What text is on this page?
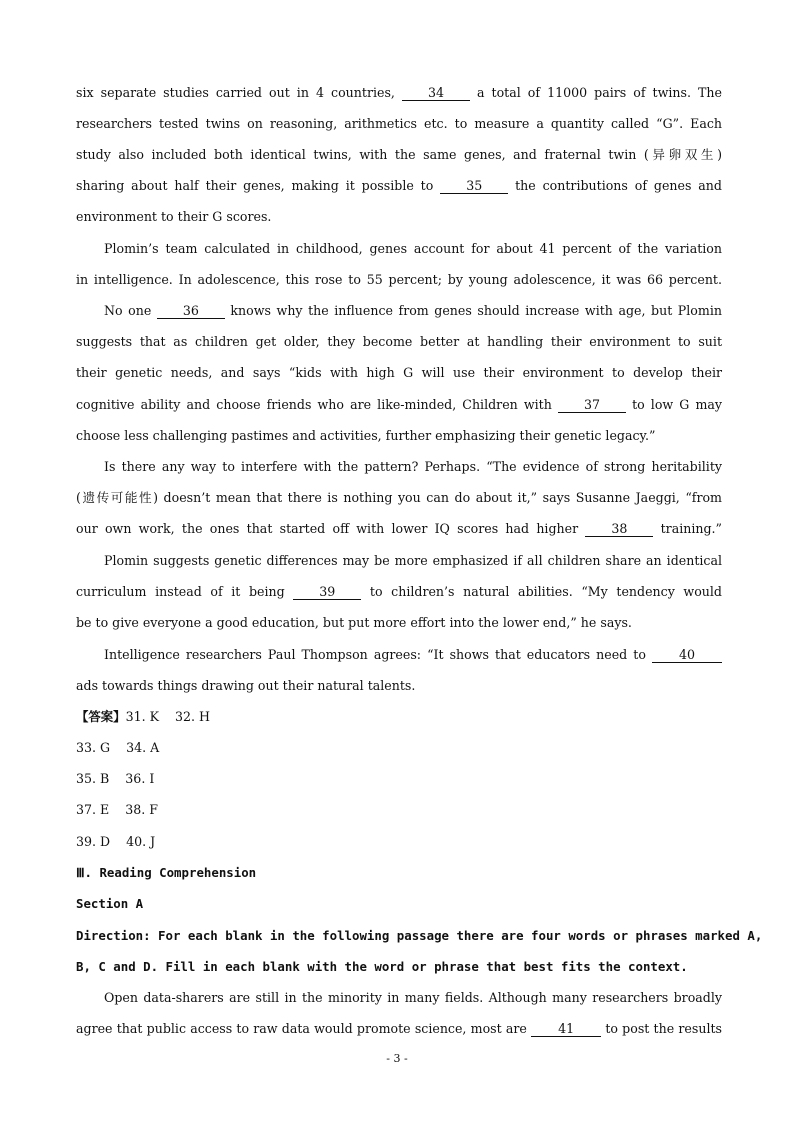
six separate studies carried out in 4 countries,	34	a total of 11000 pairs of twins. The
researchers tested twins on reasoning, arithmetics etc. to measure a quantity called “G”. Each
study also included both identical twins, with the same genes, and fraternal twin (异卵双生)
sharing about half their genes, making it possible to	35	the contributions of genes and
environment to their G scores.
Plomin’s team calculated in childhood, genes account for about 41 percent of the variation
in intelligence. In adolescence, this rose to 55 percent; by young adolescence, it was 66 percent.
No one	36	knows why the influence from genes should increase with age, but Plomin
suggests that as children get older, they become better at handling their environment to suit
their genetic needs, and says “kids with high G will use their environment to develop their
cognitive ability and choose friends who are like-minded, Children with	37	to low G may
choose less challenging pastimes and activities, further emphasizing their genetic legacy.”
Is there any way to interfere with the pattern? Perhaps. “The evidence of strong heritability
(遗传可能性) doesn’t mean that there is nothing you can do about it,” says Susanne Jaeggi, “from
our own work, the ones that started off with lower IQ scores had higher	38	training.”
Plomin suggests genetic differences may be more emphasized if all children share an identical
curriculum instead of it being	39	to children’s natural abilities. “My tendency would
be to give everyone a good education, but put more effort into the lower end,” he says.
Intelligence researchers Paul Thompson agrees: “It shows that educators need to	40
ads towards things drawing out their natural talents.
【答案】31. K    32. H
33. G    34. A
35. B    36. I
37. E    38. F
39. D    40. J
Ⅲ. Reading Comprehension
Section A
Direction: For each blank in the following passage there are four words or phrases marked A,
B, C and D. Fill in each blank with the word or phrase that best fits the context.
Open data-sharers are still in the minority in many fields. Although many researchers broadly
agree that public access to raw data would promote science, most are 41 to post the results
- 3 -
